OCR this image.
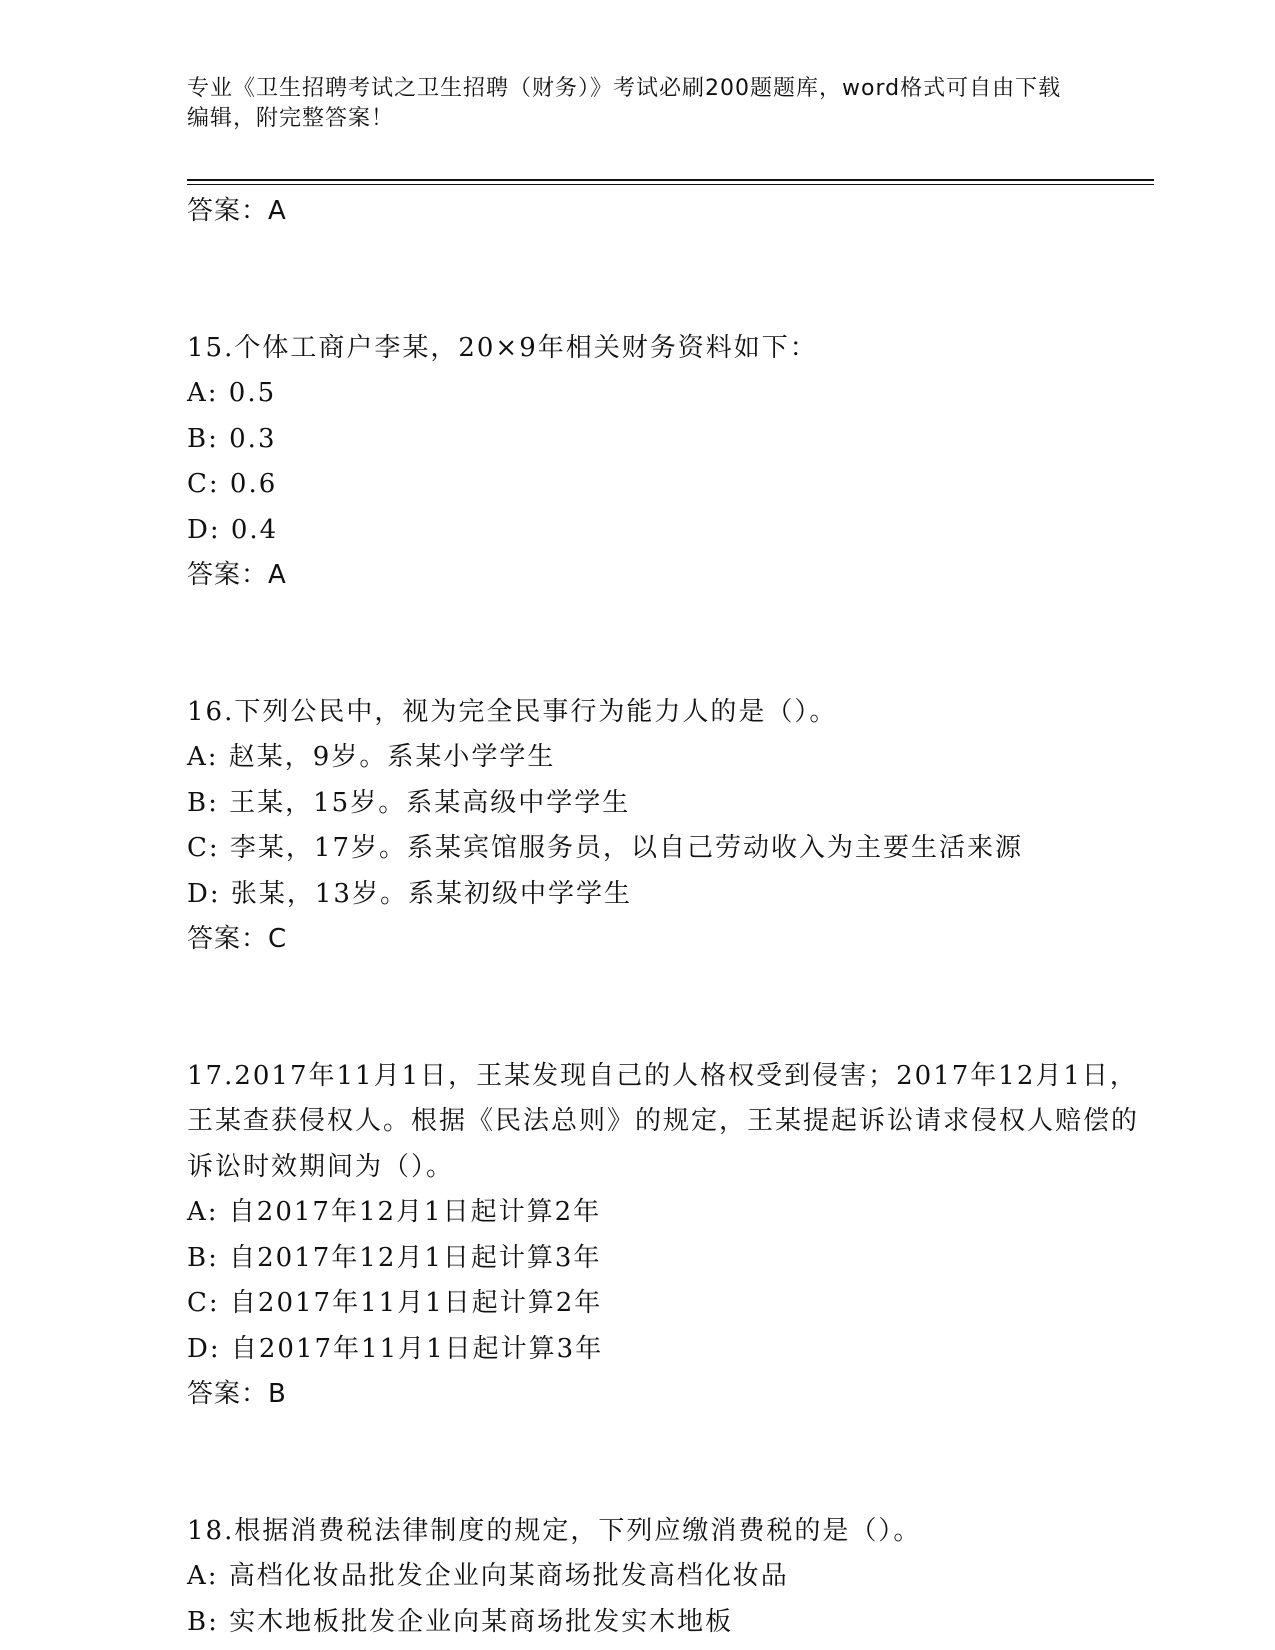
专业《卫生招聘考试之卫生招聘（财务）》考试必刷200题题库，word格式可自由下载编辑，附完整答案！
答案：A
15.个体工商户李某，20×9年相关财务资料如下：
A: 0.5
B: 0.3
C: 0.6
D: 0.4
答案：A
16.下列公民中，视为完全民事行为能力人的是（）。
A: 赵某，9岁。系某小学学生
B: 王某，15岁。系某高级中学学生
C: 李某，17岁。系某宾馆服务员，以自己劳动收入为主要生活来源
D: 张某，13岁。系某初级中学学生
答案：C
17.2017年11月1日，王某发现自己的人格权受到侵害；2017年12月1日，王某查获侵权人。根据《民法总则》的规定，王某提起诉讼请求侵权人赔偿的诉讼时效期间为（）。
A: 自2017年12月1日起计算2年
B: 自2017年12月1日起计算3年
C: 自2017年11月1日起计算2年
D: 自2017年11月1日起计算3年
答案：B
18.根据消费税法律制度的规定，下列应缴消费税的是（）。
A: 高档化妆品批发企业向某商场批发高档化妆品
B: 实木地板批发企业向某商场批发实木地板
